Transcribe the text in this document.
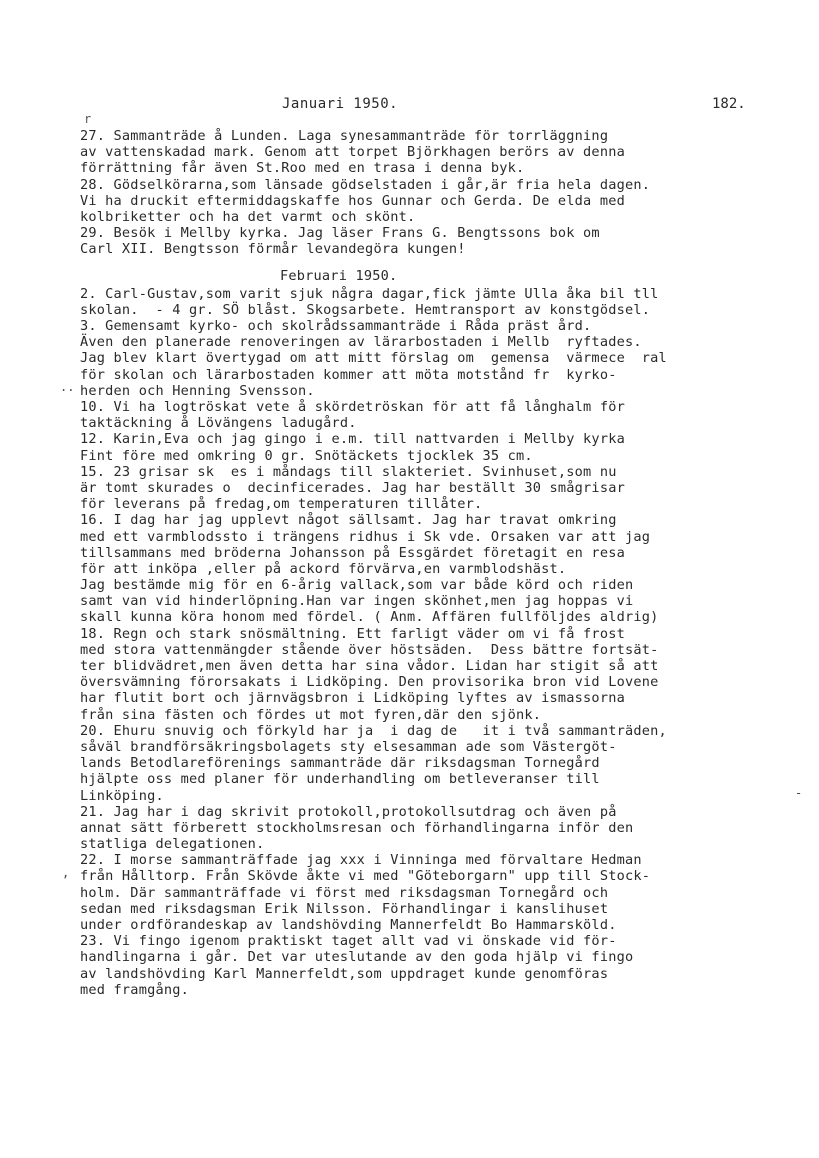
Januari 1950.	182.
r
27. Sammanträde å Lunden. Laga synesammanträde för torrläggning
av vattenskadad mark. Genom att torpet Björkhagen berörs av denna
förrättning får även St.Roo med en trasa i denna byk.
28. Gödselkörarna,som länsade gödselstaden i går,är fria hela dagen.
Vi ha druckit eftermiddagskaffe hos Gunnar och Gerda. De elda med
kolbriketter och ha det varmt och skönt.
29. Besök i Mellby kyrka. Jag läser Frans G. Bengtssons bok om
Carl XII. Bengtsson förmår levandegöra kungen!
Februari 1950.
2. Carl-Gustav,som varit sjuk några dagar,fick jämte Ulla åka bil tll
skolan.  - 4 gr. SÖ blåst. Skogsarbete. Hemtransport av konstgödsel.
3. Gemensamt kyrko- och skolrådssammanträde i Råda präst ård.
Även den planerade renoveringen av lärarbostaden i Mellb  ryftades.
Jag blev klart övertygad om att mitt förslag om  gemensa  värmece  ral
för skolan och lärarbostaden kommer att möta motstånd fr  kyrko-
herden och Henning Svensson.
10. Vi ha logtröskat vete å skördetröskan för att få långhalm för
taktäckning å Lövängens ladugård.
12. Karin,Eva och jag gingo i e.m. till nattvarden i Mellby kyrka
Fint före med omkring 0 gr. Snötäckets tjocklek 35 cm.
15. 23 grisar sk  es i måndags till slakteriet. Svinhuset,som nu
är tomt skurades o  decinficerades. Jag har beställt 30 smågrisar
för leverans på fredag,om temperaturen tillåter.
16. I dag har jag upplevt något sällsamt. Jag har travat omkring
med ett varmblodssto i trängens ridhus i Sk vde. Orsaken var att jag
tillsammans med bröderna Johansson på Essgärdet företagit en resa
för att inköpa ,eller på ackord förvärva,en varmblodshäst.
Jag bestämde mig för en 6-årig vallack,som var både körd och riden
samt van vid hinderlöpning.Han var ingen skönhet,men jag hoppas vi
skall kunna köra honom med fördel. ( Anm. Affären fullföljdes aldrig)
18. Regn och stark snösmältning. Ett farligt väder om vi få frost
med stora vattenmängder stående över höstsäden.  Dess bättre fortsät-
ter blidvädret,men även detta har sina vådor. Lidan har stigit så att
översvämning förorsakats i Lidköping. Den provisorika bron vid Lovene
har flutit bort och järnvägsbron i Lidköping lyftes av ismassorna
från sina fästen och fördes ut mot fyren,där den sjönk.
20. Ehuru snuvig och förkyld har ja  i dag de   it i två sammanträden,
såväl brandförsäkringsbolagets sty elsesamman ade som Västergöt-
lands Betodlareförenings sammanträde där riksdagsman Tornegård
hjälpte oss med planer för underhandling om betleveranser till
Linköping.
21. Jag har i dag skrivit protokoll,protokollsutdrag och även på
annat sätt förberett stockholmsresan och förhandlingarna inför den
statliga delegationen.
22. I morse sammanträffade jag xxx i Vinninga med förvaltare Hedman
från Hålltorp. Från Skövde åkte vi med "Göteborgarn" upp till Stock-
holm. Där sammanträffade vi först med riksdagsman Tornegård och
sedan med riksdagsman Erik Nilsson. Förhandlingar i kanslihuset
under ordförandeskap av landshövding Mannerfeldt Bo Hammarsköld.
23. Vi fingo igenom praktiskt taget allt vad vi önskade vid för-
handlingarna i går. Det var uteslutande av den goda hjälp vi fingo
av landshövding Karl Mannerfeldt,som uppdraget kunde genomföras
med framgång.
..
-
,
